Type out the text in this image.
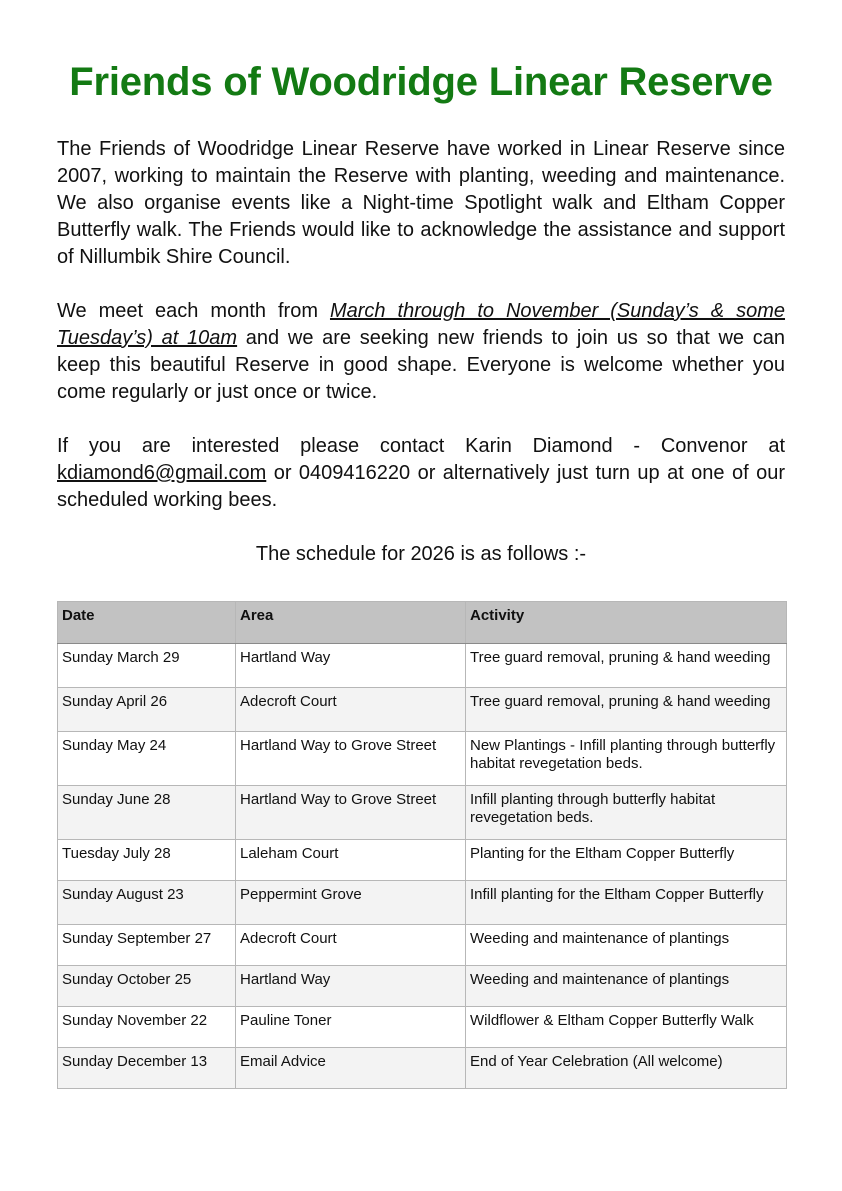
Friends of Woodridge Linear Reserve

The Friends of Woodridge Linear Reserve have worked in Linear Reserve since 2007, working to maintain the Reserve with planting, weeding and maintenance. We also organise events like a Night-time Spotlight walk and Eltham Copper Butterfly walk. The Friends would like to acknowledge the assistance and support of Nillumbik Shire Council.

We meet each month from March through to November (Sunday’s & some Tuesday’s) at 10am and we are seeking new friends to join us so that we can keep this beautiful Reserve in good shape. Everyone is welcome whether you come regularly or just once or twice.

If you are interested please contact Karin Diamond - Convenor at kdiamond6@gmail.com or 0409416220 or alternatively just turn up at one of our scheduled working bees.

The schedule for 2026 is as follows :-
Date	Area	Activity
Sunday March 29	Hartland Way	Tree guard removal, pruning & hand weeding
Sunday April 26	Adecroft Court	Tree guard removal, pruning & hand weeding
Sunday May 24	Hartland Way to Grove Street	New Plantings - Infill planting through butterfly habitat revegetation beds.
Sunday June 28	Hartland Way to Grove Street	Infill planting through butterfly habitat revegetation beds.
Tuesday July 28	Laleham Court	Planting for the Eltham Copper Butterfly
Sunday August 23	Peppermint Grove	Infill planting for the Eltham Copper Butterfly
Sunday September 27	Adecroft Court	Weeding and maintenance of plantings
Sunday October 25	Hartland Way	Weeding and maintenance of plantings
Sunday November 22	Pauline Toner	Wildflower & Eltham Copper Butterfly Walk
Sunday December 13	Email Advice	End of Year Celebration (All welcome)
